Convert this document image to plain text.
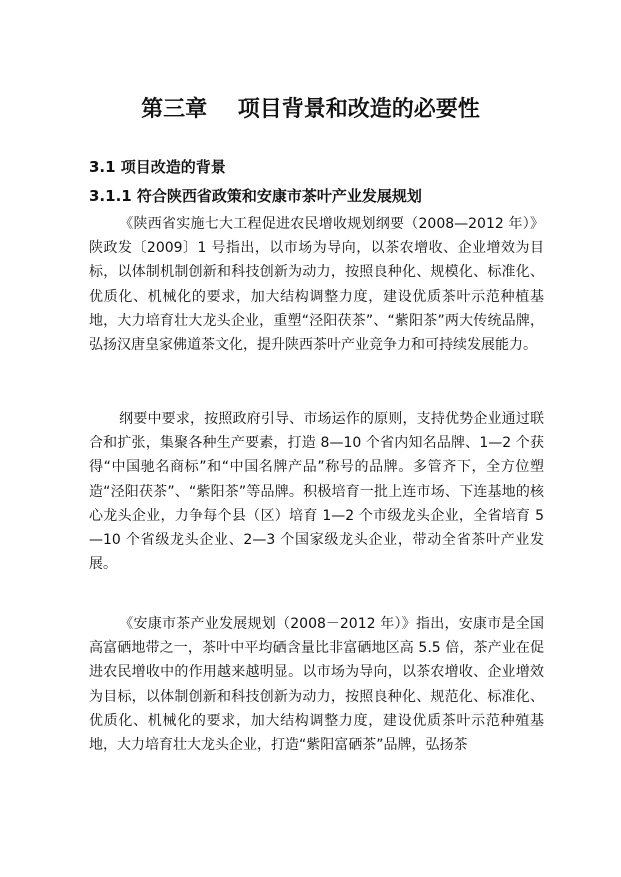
第三章    项目背景和改造的必要性
3.1 项目改造的背景
3.1.1 符合陕西省政策和安康市茶叶产业发展规划

《陕西省实施七大工程促进农民增收规划纲要（2008—2012 年）》陕政发〔2009〕1 号指出，以市场为导向，以茶农增收、企业增效为目标，以体制机制创新和科技创新为动力，按照良种化、规模化、标准化、优质化、机械化的要求，加大结构调整力度，建设优质茶叶示范种植基地，大力培育壮大龙头企业，重塑“泾阳茯茶”、“紫阳茶”两大传统品牌，弘扬汉唐皇家佛道茶文化，提升陕西茶叶产业竞争力和可持续发展能力。

纲要中要求，按照政府引导、市场运作的原则，支持优势企业通过联合和扩张，集聚各种生产要素，打造 8—10 个省内知名品牌、1—2 个获得“中国驰名商标”和“中国名牌产品”称号的品牌。多管齐下，全方位塑造“泾阳茯茶”、“紫阳茶”等品牌。积极培育一批上连市场、下连基地的核心龙头企业，力争每个县（区）培育 1—2 个市级龙头企业，全省培育 5—10 个省级龙头企业、2—3 个国家级龙头企业，带动全省茶叶产业发展。

《安康市茶产业发展规划（2008－2012 年）》指出，安康市是全国高富硒地带之一，茶叶中平均硒含量比非富硒地区高 5.5 倍，茶产业在促进农民增收中的作用越来越明显。以市场为导向，以茶农增收、企业增效为目标，以体制创新和科技创新为动力，按照良种化、规范化、标准化、优质化、机械化的要求，加大结构调整力度，建设优质茶叶示范种殖基地，大力培育壮大龙头企业，打造“紫阳富硒茶”品牌，弘扬茶
